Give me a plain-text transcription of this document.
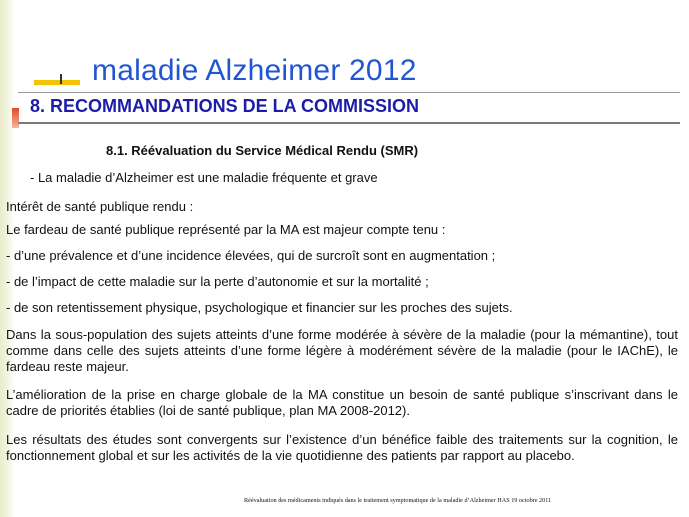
maladie Alzheimer 2012
8. RECOMMANDATIONS DE LA COMMISSION
8.1. Réévaluation du Service Médical Rendu (SMR)

- La maladie d’Alzheimer est une maladie fréquente et grave

Intérêt de santé publique rendu :

Le fardeau de santé publique représenté par la MA est majeur compte tenu :

- d’une prévalence et d’une incidence élevées, qui de surcroît sont en augmentation ;

- de l’impact de cette maladie sur la perte d’autonomie et sur la mortalité ;

- de son retentissement physique, psychologique et financier sur les proches des sujets.

Dans la sous-population des sujets atteints d’une forme modérée à sévère de la maladie (pour la mémantine), tout comme dans celle des sujets atteints d’une forme légère à modérément sévère de la maladie (pour le IAChE), le fardeau reste majeur.

L’amélioration de la prise en charge globale de la MA constitue un besoin de santé publique s’inscrivant dans le cadre de priorités établies (loi de santé publique, plan MA 2008-2012).

Les résultats des études sont convergents sur l’existence d’un bénéfice faible des traitements sur la cognition, le fonctionnement global et sur les activités de la vie quotidienne des patients par rapport au placebo.

Réévaluation des médicaments indiqués dans le traitement symptomatique de la maladie d’Alzheimer HAS 19 octobre 2011
